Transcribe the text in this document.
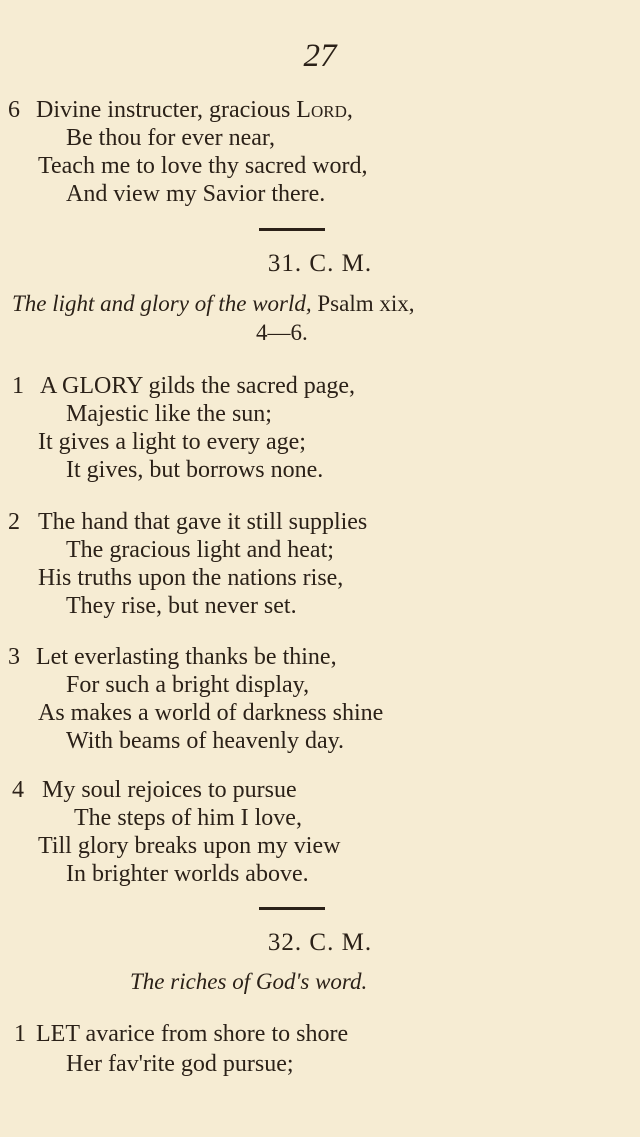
27
6 Divine instructer, gracious Lord,
Be thou for ever near,
Teach me to love thy sacred word,
And view my Savior there.
31. C. M.
The light and glory of the world, Psalm xix,
4—6.
1 A GLORY gilds the sacred page,
Majestic like the sun;
It gives a light to every age;
It gives, but borrows none.
2 The hand that gave it still supplies
The gracious light and heat;
His truths upon the nations rise,
They rise, but never set.
3 Let everlasting thanks be thine,
For such a bright display,
As makes a world of darkness shine
With beams of heavenly day.
4 My soul rejoices to pursue
The steps of him I love,
Till glory breaks upon my view
In brighter worlds above.
32. C. M.
The riches of God's word.
1 LET avarice from shore to shore
Her fav'rite god pursue;
